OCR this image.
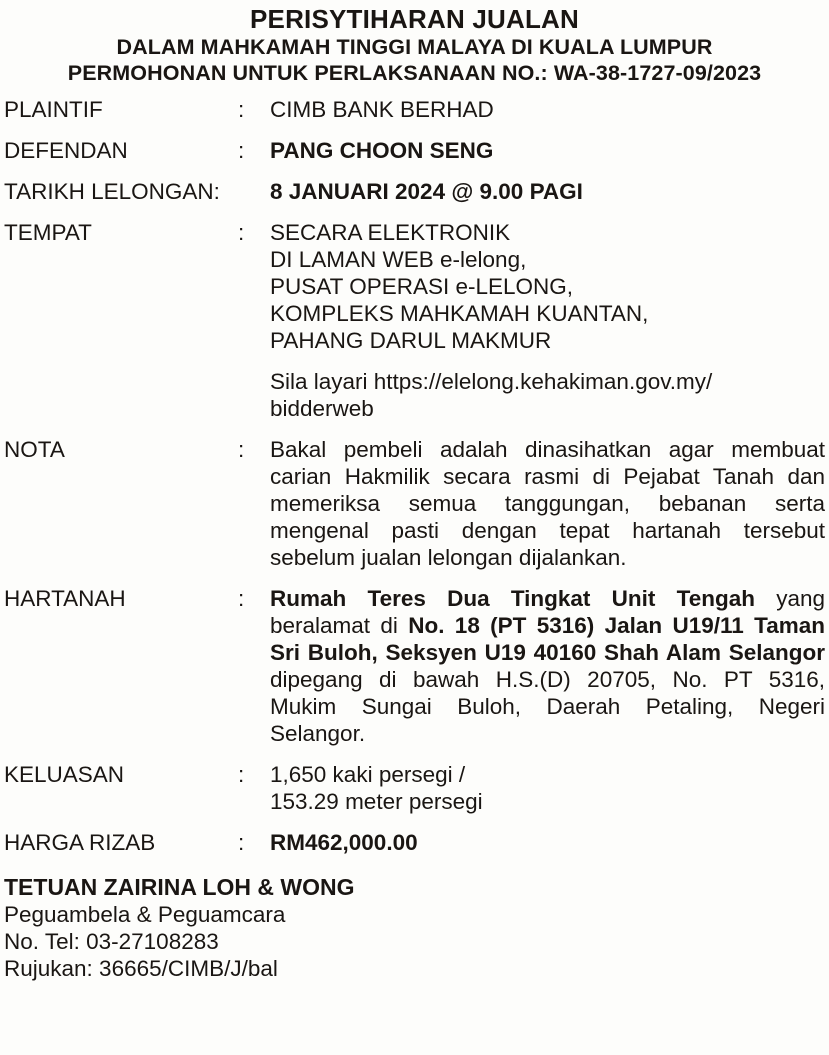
PERISYTIHARAN JUALAN
DALAM MAHKAMAH TINGGI MALAYA DI KUALA LUMPUR
PERMOHONAN UNTUK PERLAKSANAAN NO.: WA-38-1727-09/2023
PLAINTIF	:	CIMB BANK BERHAD
DEFENDAN	:	PANG CHOON SENG
TARIKH LELONGAN:	8 JANUARI 2024 @ 9.00 PAGI
TEMPAT	:	SECARA ELEKTRONIK
DI LAMAN WEB e-lelong,
PUSAT OPERASI e-LELONG,
KOMPLEKS MAHKAMAH KUANTAN,
PAHANG DARUL MAKMUR
Sila layari https://elelong.kehakiman.gov.my/
bidderweb
NOTA	:	Bakal pembeli adalah dinasihatkan agar membuat carian Hakmilik secara rasmi di Pejabat Tanah dan memeriksa semua tanggungan, bebanan serta mengenal pasti dengan tepat hartanah tersebut sebelum jualan lelongan dijalankan.
HARTANAH	:	Rumah Teres Dua Tingkat Unit Tengah yang beralamat di No. 18 (PT 5316) Jalan U19/11 Taman Sri Buloh, Seksyen U19 40160 Shah Alam Selangor dipegang di bawah H.S.(D) 20705, No. PT 5316, Mukim Sungai Buloh, Daerah Petaling, Negeri Selangor.
KELUASAN	:	1,650 kaki persegi /
153.29 meter persegi
HARGA RIZAB	:	RM462,000.00
TETUAN ZAIRINA LOH & WONG
Peguambela & Peguamcara
No. Tel: 03-27108283
Rujukan: 36665/CIMB/J/bal
